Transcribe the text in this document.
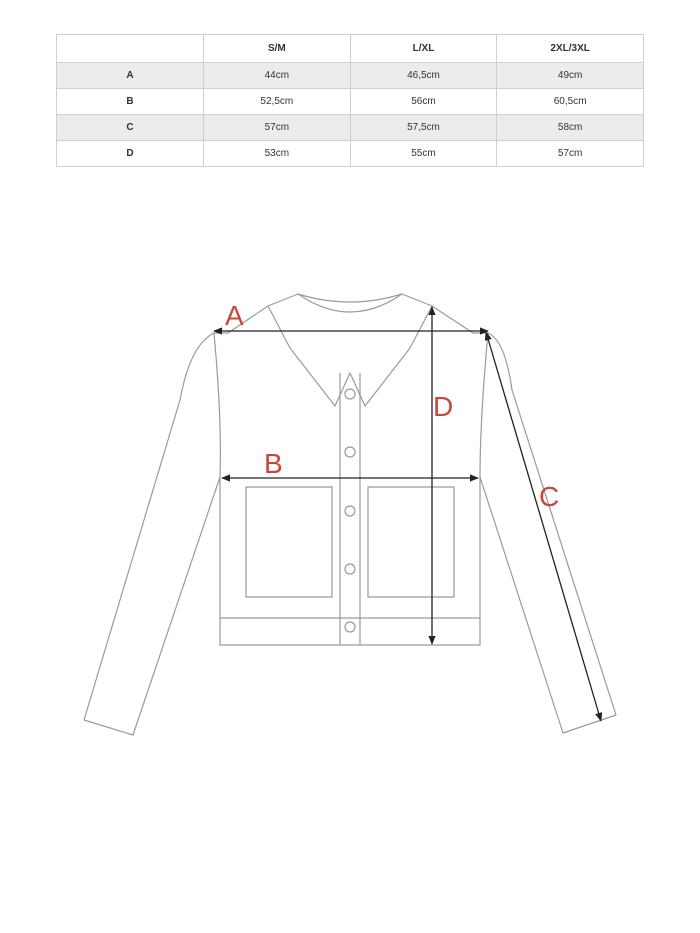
	S/M	L/XL	2XL/3XL
A	44cm	46,5cm	49cm
B	52,5cm	56cm	60,5cm
C	57cm	57,5cm	58cm
D	53cm	55cm	57cm
A
B
C
D
